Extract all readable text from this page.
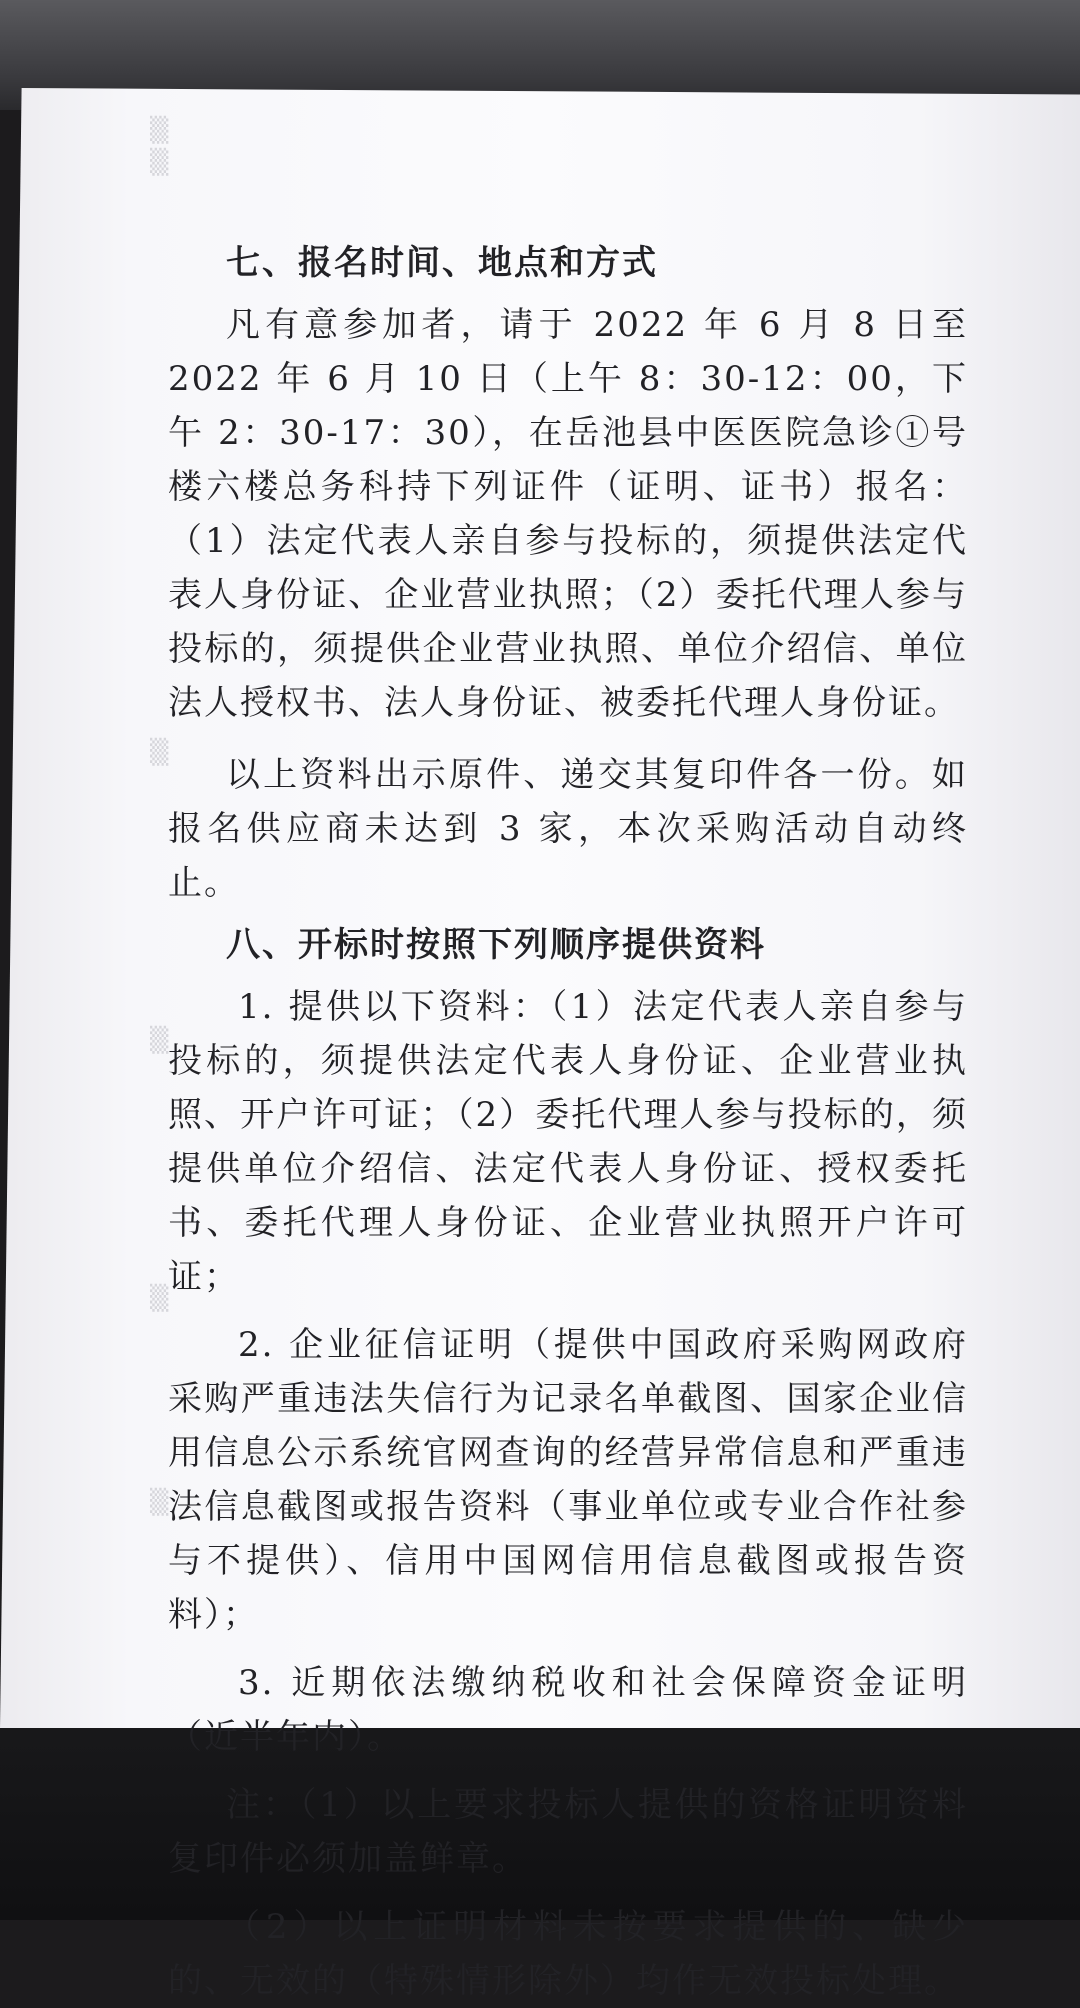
▒
▒
▒
▒
▒
▒
七、报名时间、地点和方式

凡有意参加者，请于 2022 年 6 月 8 日至 2022 年 6 月 10 日（上午 8：30-12：00，下午 2：30-17：30），在岳池县中医医院急诊①号楼六楼总务科持下列证件（证明、证书）报名：（1）法定代表人亲自参与投标的，须提供法定代表人身份证、企业营业执照；（2）委托代理人参与投标的，须提供企业营业执照、单位介绍信、单位法人授权书、法人身份证、被委托代理人身份证。

以上资料出示原件、递交其复印件各一份。如报名供应商未达到 3 家，本次采购活动自动终止。

八、开标时按照下列顺序提供资料

1. 提供以下资料：（1）法定代表人亲自参与投标的，须提供法定代表人身份证、企业营业执照、开户许可证；（2）委托代理人参与投标的，须提供单位介绍信、法定代表人身份证、授权委托书、委托代理人身份证、企业营业执照开户许可证；

2. 企业征信证明（提供中国政府采购网政府采购严重违法失信行为记录名单截图、国家企业信用信息公示系统官网查询的经营异常信息和严重违法信息截图或报告资料（事业单位或专业合作社参与不提供）、信用中国网信用信息截图或报告资料）；

3. 近期依法缴纳税收和社会保障资金证明（近半年内）。

注：（1）以上要求投标人提供的资格证明资料复印件必须加盖鲜章。

（2）以上证明材料未按要求提供的、缺少的、无效的（特殊情形除外）均作无效投标处理。
